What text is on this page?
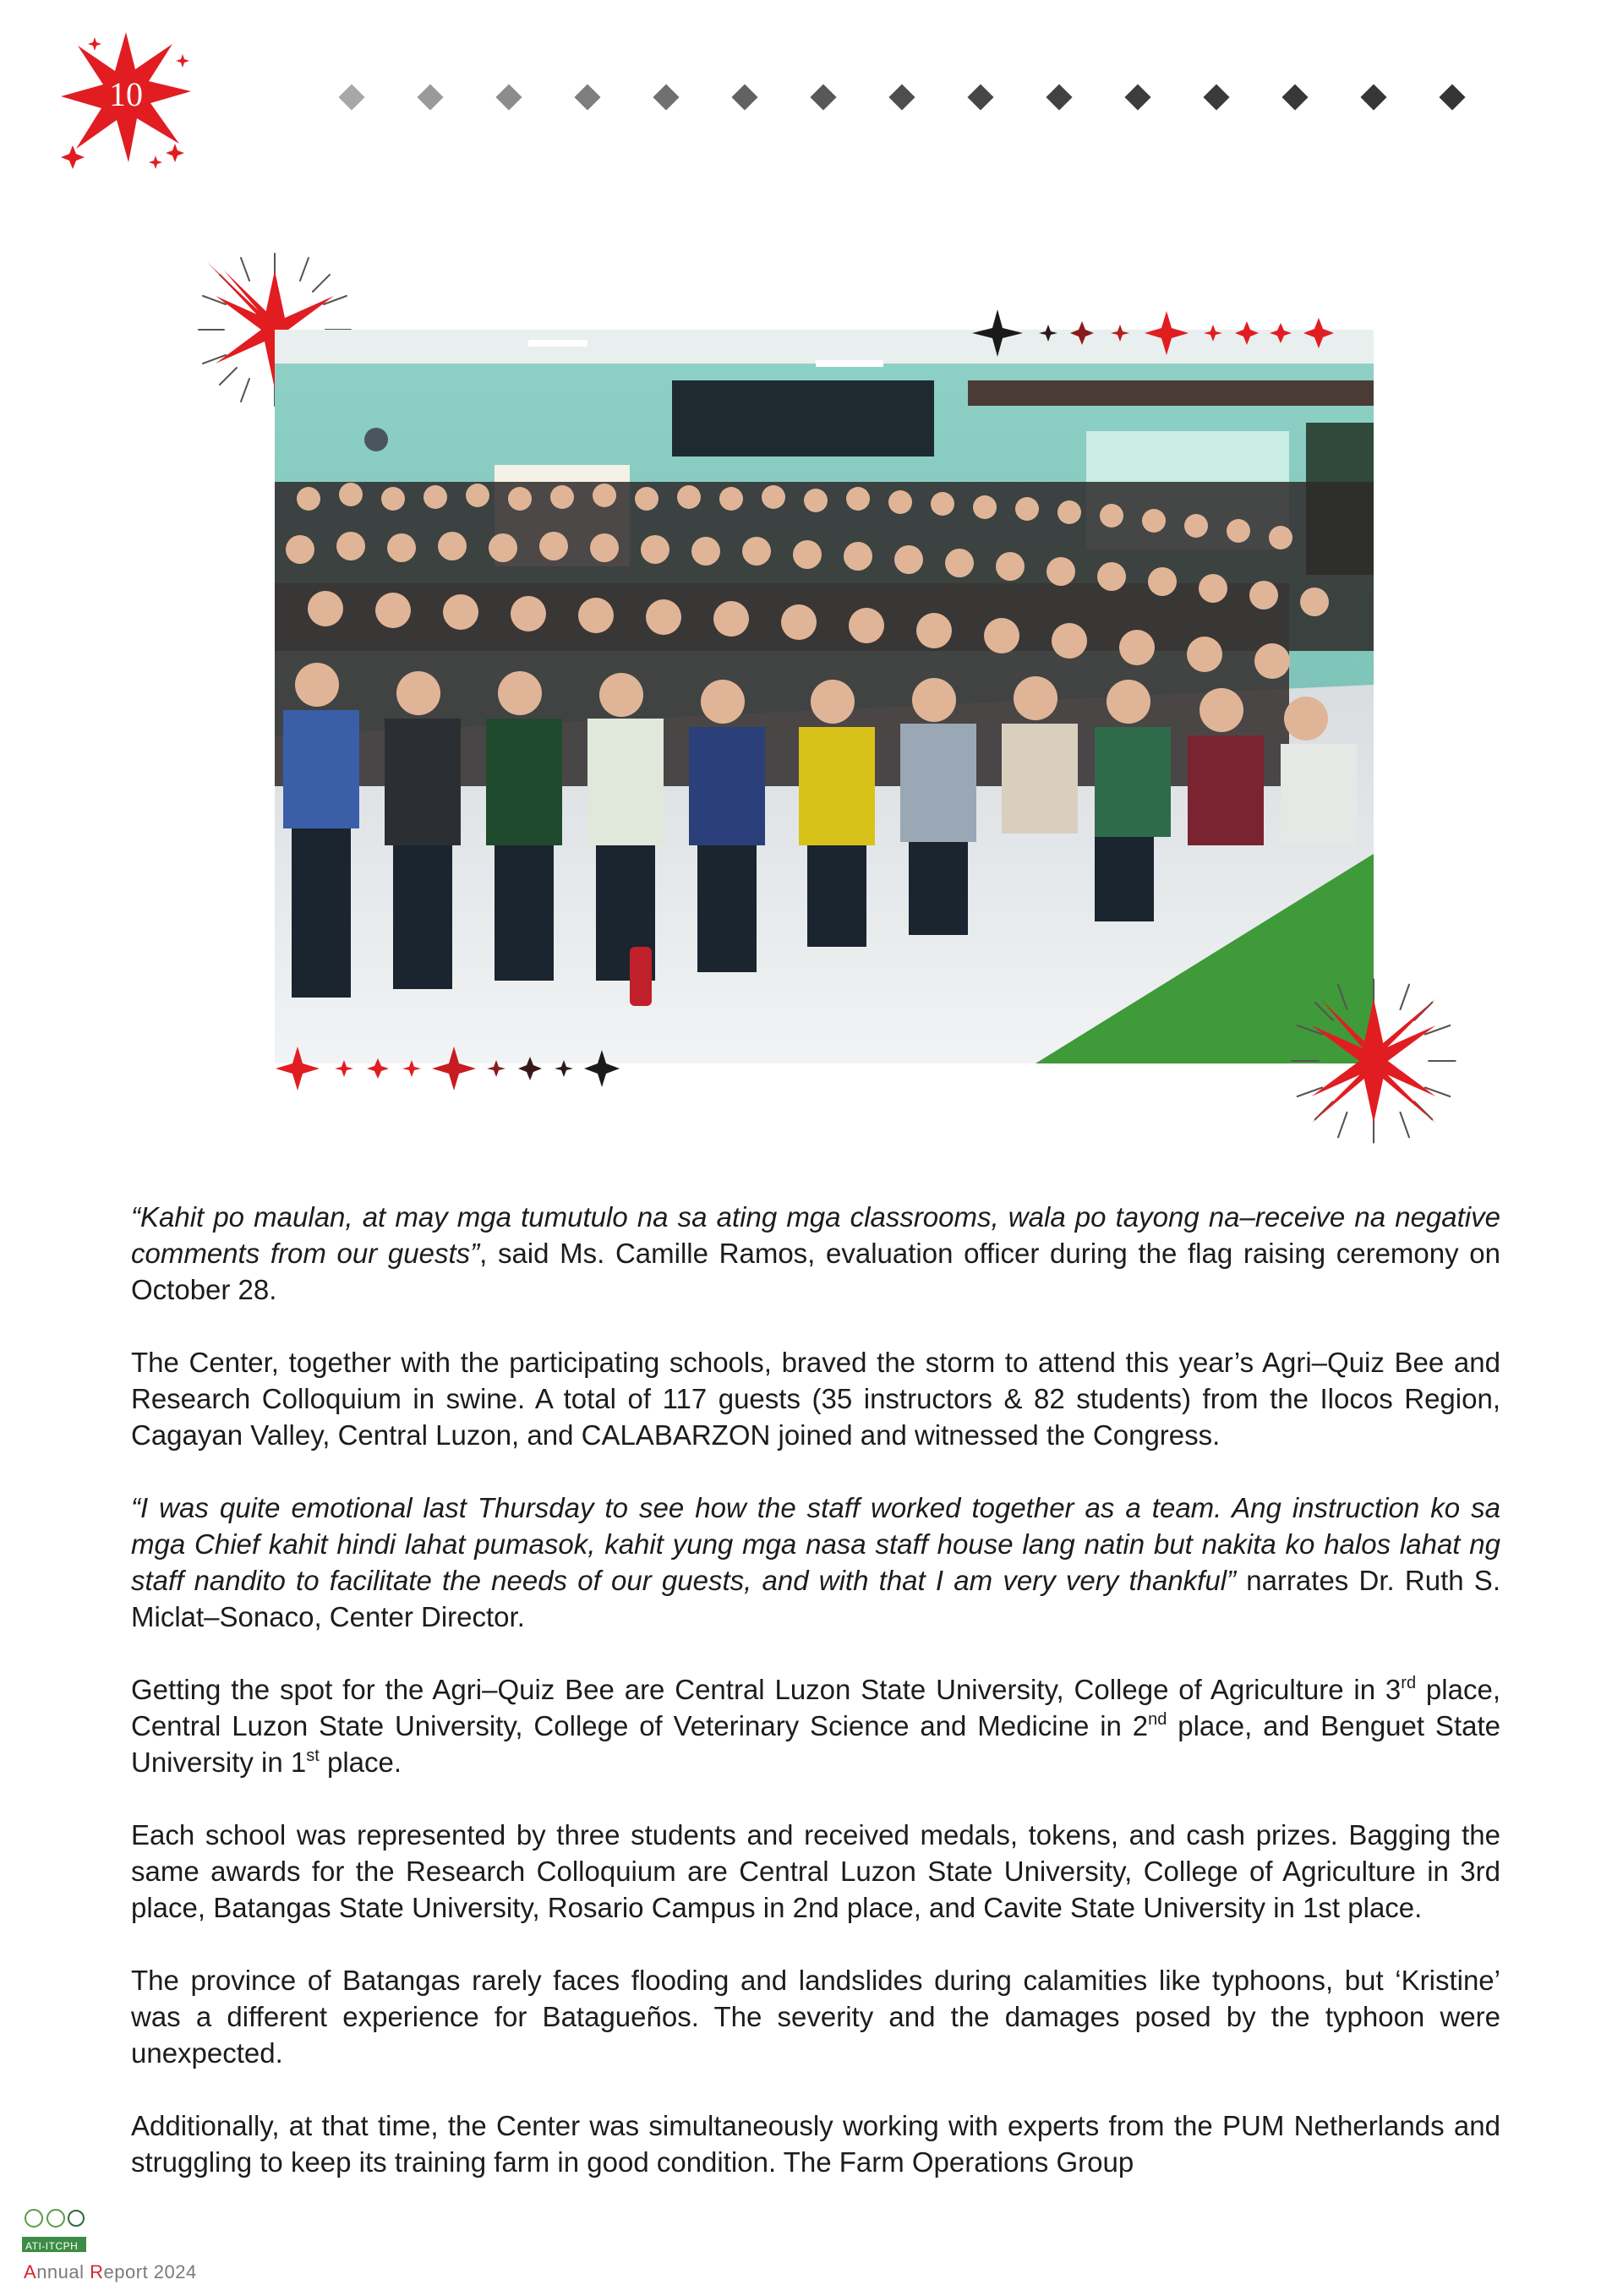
10

“Kahit po maulan, at may mga tumutulo na sa ating mga classrooms, wala po tayong na–receive na negative comments from our guests”, said Ms. Camille Ramos, evaluation officer during the flag raising ceremony on October 28.

The Center, together with the participating schools, braved the storm to attend this year’s Agri–Quiz Bee and Research Colloquium in swine. A total of 117 guests (35 instructors & 82 students) from the Ilocos Region, Cagayan Valley, Central Luzon, and CALABARZON joined and witnessed the Congress.

“I was quite emotional last Thursday to see how the staff worked together as a team. Ang instruction ko sa mga Chief kahit hindi lahat pumasok, kahit yung mga nasa staff house lang natin but nakita ko halos lahat ng staff nandito to facilitate the needs of our guests, and with that I am very very thankful” narrates Dr. Ruth S. Miclat–Sonaco, Center Director.

Getting the spot for the Agri–Quiz Bee are Central Luzon State University, College of Agriculture in 3rd place, Central Luzon State University, College of Veterinary Science and Medicine in 2nd place, and Benguet State University in 1st place.

Each school was represented by three students and received medals, tokens, and cash prizes. Bagging the same awards for the Research Colloquium are Central Luzon State University, College of Agriculture in 3rd place, Batangas State University, Rosario Campus in 2nd place, and Cavite State University in 1st place.

The province of Batangas rarely faces flooding and landslides during calamities like typhoons, but ‘Kristine’ was a different experience for Batagueños. The severity and the damages posed by the typhoon were unexpected.

Additionally, at that time, the Center was simultaneously working with experts from the PUM Netherlands and struggling to keep its training farm in good condition. The Farm Operations Group

ATI-ITCPH
Annual Report 2024
